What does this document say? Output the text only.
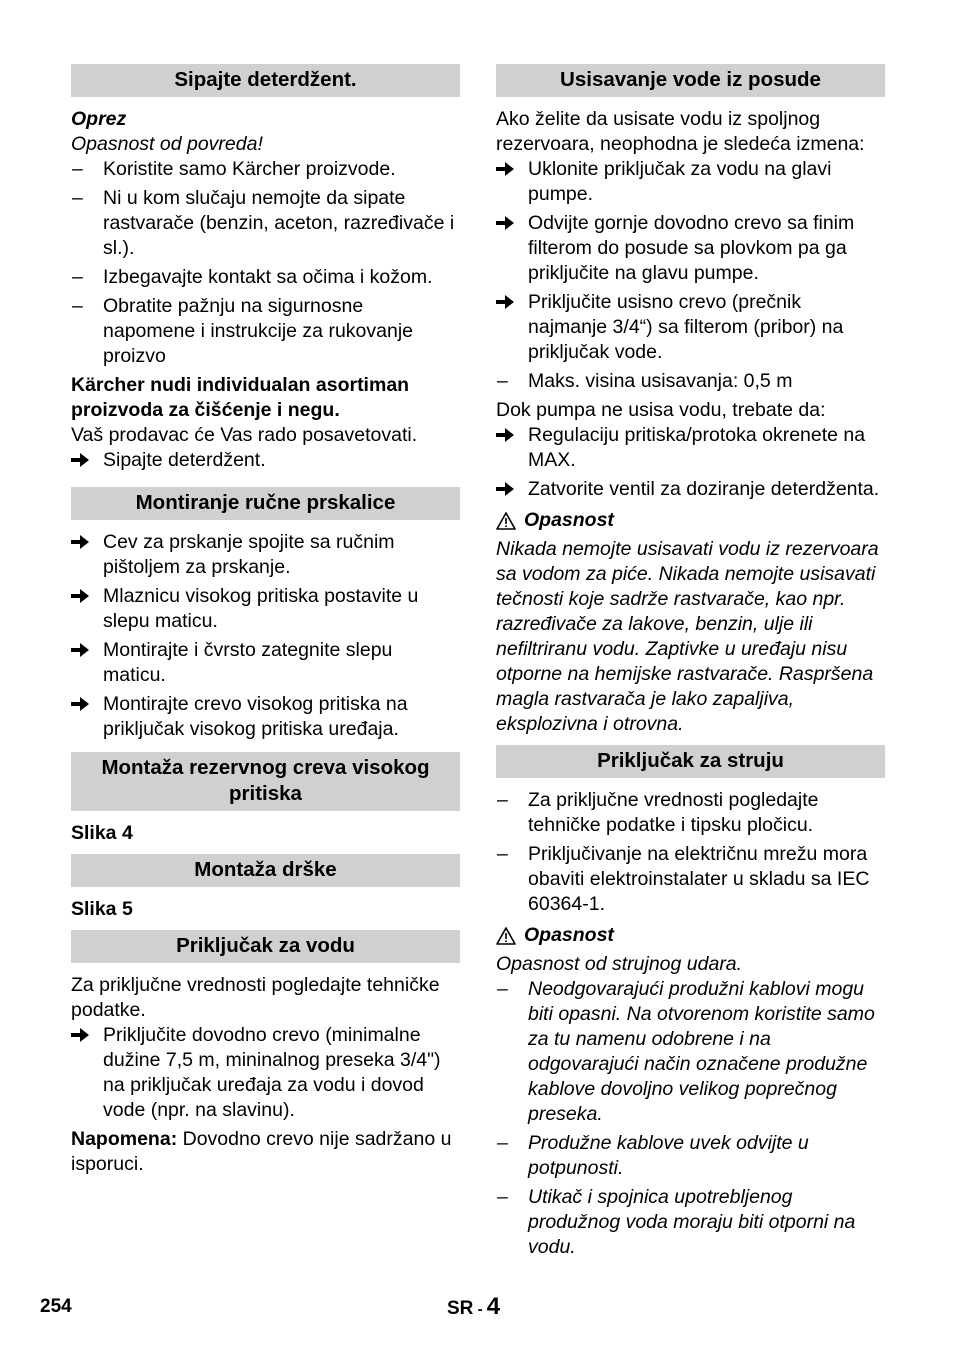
Sipajte deterdžent.

Oprez

Opasnost od povreda!

–	Koristite samo Kärcher proizvode.
–	Ni u kom slučaju nemojte da sipate rastvarače (benzin, aceton, razređivače i sl.).
–	Izbegavajte kontakt sa očima i kožom.
–	Obratite pažnju na sigurnosne napomene i instrukcije za rukovanje proizvo

Kärcher nudi individualan asortiman proizvoda za čišćenje i negu.

Vaš prodavac će Vas rado posavetovati.

Sipajte deterdžent.
Montiranje ručne prskalice
Cev za prskanje spojite sa ručnim pištoljem za prskanje.
Mlaznicu visokog pritiska postavite u slepu maticu.
Montirajte i čvrsto zategnite slepu maticu.
Montirajte crevo visokog pritiska na priključak visokog pritiska uređaja.
Montaža rezervnog creva visokog pritiska

Slika 4

Montaža drške

Slika 5

Priključak za vodu

Za priključne vrednosti pogledajte tehničke podatke.

Priključite dovodno crevo (minimalne dužine 7,5 m, mininalnog preseka 3/4") na priključak uređaja za vodu i dovod vode (npr. na slavinu).

Napomena: Dovodno crevo nije sadržano u isporuci.

Usisavanje vode iz posude

Ako želite da usisate vodu iz spoljnog rezervoara, neophodna je sledeća izmena:

Uklonite priključak za vodu na glavi pumpe.
Odvijte gornje dovodno crevo sa finim filterom do posude sa plovkom pa ga priključite na glavu pumpe.
Priključite usisno crevo (prečnik najmanje 3/4“) sa filterom (pribor) na priključak vode.
–	Maks. visina usisavanja: 0,5 m

Dok pumpa ne usisa vodu, trebate da:

Regulaciju pritiska/protoka okrenete na MAX.
Zatvorite ventil za doziranje deterdženta.
Opasnost

Nikada nemojte usisavati vodu iz rezervoara sa vodom za piće. Nikada nemojte usisavati tečnosti koje sadrže rastvarače, kao npr. razređivače za lakove, benzin, ulje ili nefiltriranu vodu. Zaptivke u uređaju nisu otporne na hemijske rastvarače. Raspršena magla rastvarača je lako zapaljiva, eksplozivna i otrovna.

Priključak za struju
–	Za priključne vrednosti pogledajte tehničke podatke i tipsku pločicu.
–	Priključivanje na električnu mrežu mora obaviti elektroinstalater u skladu sa IEC 60364-1.
Opasnost

Opasnost od strujnog udara.

–	Neodgovarajući produžni kablovi mogu biti opasni. Na otvorenom koristite samo za tu namenu odobrene i na odgovarajući način označene produžne kablove dovoljno velikog poprečnog preseka.
–	Produžne kablove uvek odvijte u potpunosti.
–	Utikač i spojnica upotrebljenog produžnog voda moraju biti otporni na vodu.
254	SR - 4
